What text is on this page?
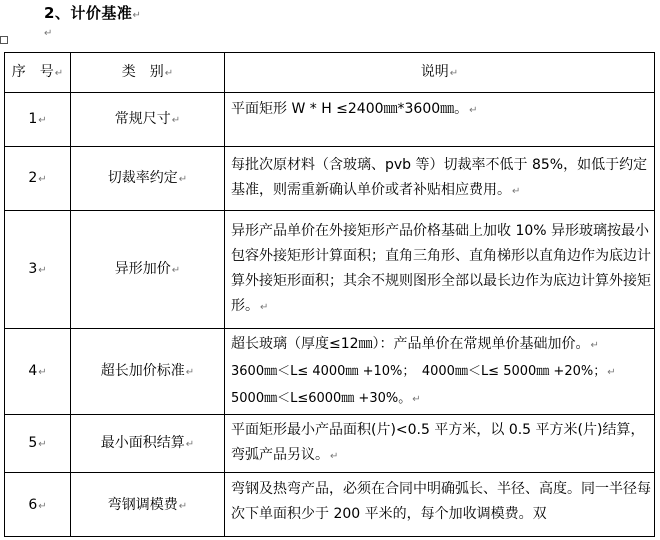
2、计价基准↵
↵
序　号↵	类　别↵	说明↵
1↵	常规尺寸↵	平面矩形 W * H ≤2400㎜*3600㎜。↵
2↵	切裁率约定↵	每批次原材料（含玻璃、pvb 等）切裁率不低于 85%，如低于约定基准，则需重新确认单价或者补贴相应费用。↵
3↵	异形加价↵	异形产品单价在外接矩形产品价格基础上加收 10% 异形玻璃按最小包容外接矩形计算面积；直角三角形、直角梯形以直角边作为底边计算外接矩形面积；其余不规则图形全部以最长边作为底边计算外接矩形。↵
4↵	超长加价标准↵	超长玻璃（厚度≤12㎜）：产品单价在常规单价基础加价。↵
3600㎜＜L≤ 4000㎜ +10%；　4000㎜＜L≤ 5000㎜ +20%；↵
5000㎜＜L≤6000㎜ +30%。↵

5↵	最小面积结算↵	平面矩形最小产品面积(片)<0.5 平方米，以 0.5 平方米(片)结算，弯弧产品另议。↵
6↵	弯钢调模费↵	弯钢及热弯产品，必须在合同中明确弧长、半径、高度。同一半径每次下单面积少于 200 平米的，每个加收调模费。双
